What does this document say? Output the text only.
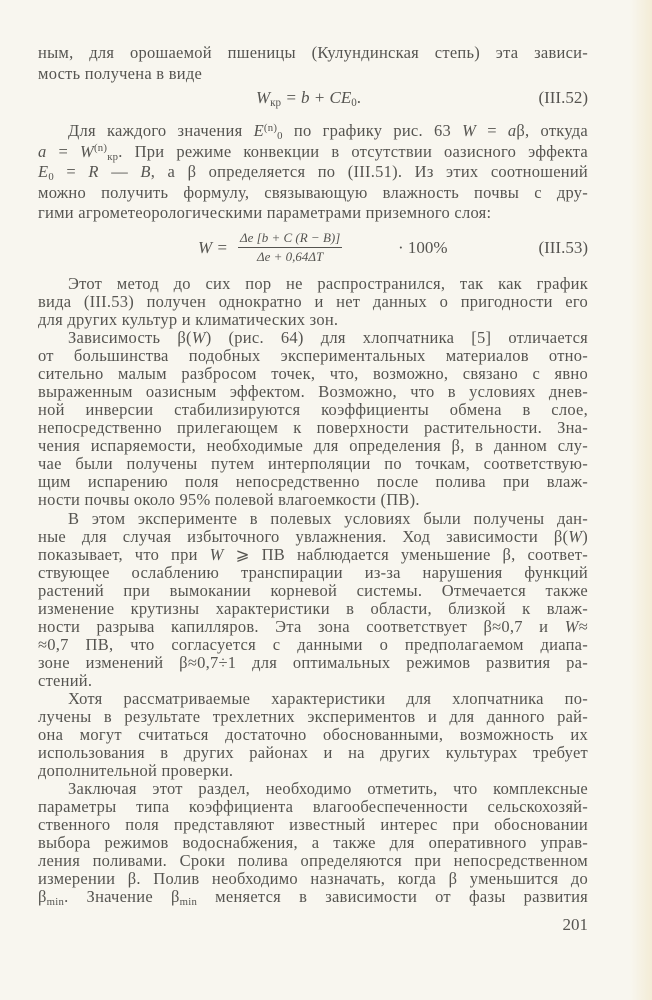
ным, для орошаемой пшеницы (Кулундинская степь) эта зависи-
мость получена в виде
Wкр = b + CE0.	(III.52)
Для каждого значения $E^{(n)}0$ по графику рис. 63 W = aβ, откуда
$a = W^{(n)}кр$. При режиме конвекции в отсутствии оазисного эффекта
E0 = R — B, а β определяется по (III.51). Из этих соотношений
можно получить формулу, связывающую влажность почвы с дру-
гими агрометеорологическими параметрами приземного слоя:
$W = \frac{\Delta e [b + C (R - B)]}{\Delta e + 0,64\Delta T}$	· 100%	(III.53)
Этот метод до сих пор не распространился, так как график
вида (III.53) получен однократно и нет данных о пригодности его
для других культур и климатических зон.
Зависимость β(W) (рис. 64) для хлопчатника [5] отличается
от большинства подобных экспериментальных материалов отно-
сительно малым разбросом точек, что, возможно, связано с явно
выраженным оазисным эффектом. Возможно, что в условиях днев-
ной инверсии стабилизируются коэффициенты обмена в слое,
непосредственно прилегающем к поверхности растительности. Зна-
чения испаряемости, необходимые для определения β, в данном слу-
чае были получены путем интерполяции по точкам, соответствую-
щим испарению поля непосредственно после полива при влаж-
ности почвы около 95% полевой влагоемкости (ПВ).
В этом эксперименте в полевых условиях были получены дан-
ные для случая избыточного увлажнения. Ход зависимости β(W)
показывает, что при W ⩾ ПВ наблюдается уменьшение β, соответ-
ствующее ослаблению транспирации из-за нарушения функций
растений при вымокании корневой системы. Отмечается также
изменение крутизны характеристики в области, близкой к влаж-
ности разрыва капилляров. Эта зона соответствует β≈0,7 и W≈
≈0,7 ПВ, что согласуется с данными о предполагаемом диапа-
зоне изменений β≈0,7÷1 для оптимальных режимов развития ра-
стений.
Хотя рассматриваемые характеристики для хлопчатника по-
лучены в результате трехлетних экспериментов и для данного рай-
она могут считаться достаточно обоснованными, возможность их
использования в других районах и на других культурах требует
дополнительной проверки.
Заключая этот раздел, необходимо отметить, что комплексные
параметры типа коэффициента влагообеспеченности сельскохозяй-
ственного поля представляют известный интерес при обосновании
выбора режимов водоснабжения, а также для оперативного управ-
ления поливами. Сроки полива определяются при непосредственном
измерении β. Полив необходимо назначать, когда β уменьшится до
βmin. Значение βmin меняется в зависимости от фазы развития
201
